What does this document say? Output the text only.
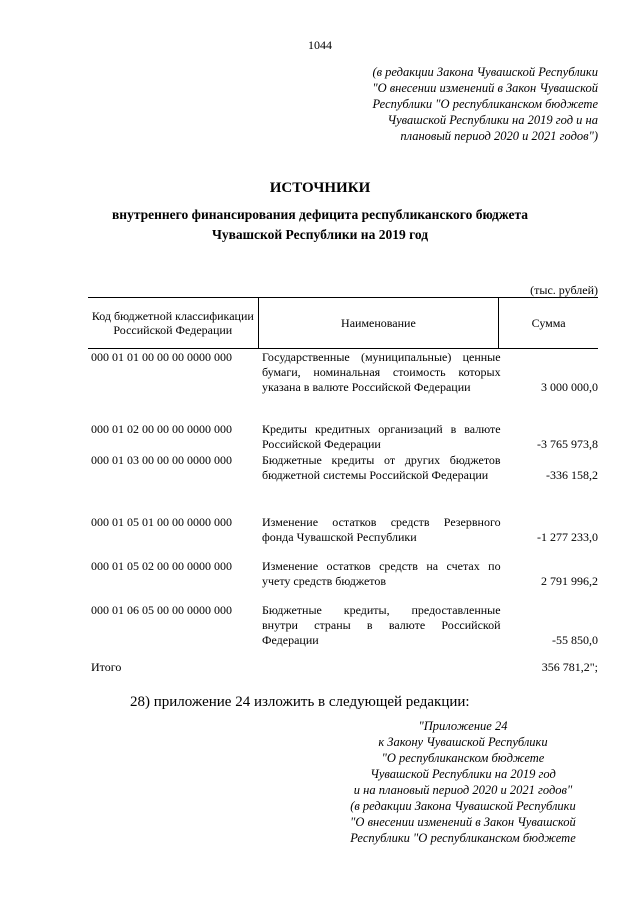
1044
(в редакции Закона Чувашской Республики
"О внесении изменений в Закон Чувашской
Республики "О республиканском бюджете
Чувашской Республики на 2019 год и на
плановый период 2020 и 2021 годов")
ИСТОЧНИКИ
внутреннего финансирования дефицита республиканского бюджета
Чувашской Республики на 2019 год
(тыс. рублей)
Код бюджетной классификации Российской Федерации	Наименование	Сумма
000 01 01 00 00 00 0000 000	Государственные (муниципальные) ценные бумаги, номинальная стоимость которых указана в валюте Российской Федерации	3 000 000,0
000 01 02 00 00 00 0000 000	Кредиты кредитных организаций в валюте Российской Федерации	-3 765 973,8
000 01 03 00 00 00 0000 000	Бюджетные кредиты от других бюджетов бюджетной системы Российской Федерации	-336 158,2
000 01 05 01 00 00 0000 000	Изменение остатков средств Резервного фонда Чувашской Республики	-1 277 233,0
000 01 05 02 00 00 0000 000	Изменение остатков средств на счетах по учету средств бюджетов	2 791 996,2
000 01 06 05 00 00 0000 000	Бюджетные кредиты, предоставленные внутри страны в валюте Российской Федерации	-55 850,0
Итого	356 781,2";
28) приложение 24 изложить в следующей редакции:
"Приложение 24
к Закону Чувашской Республики
"О республиканском бюджете
Чувашской Республики на 2019 год
и на плановый период 2020 и 2021 годов"
(в редакции Закона Чувашской Республики
"О внесении изменений в Закон Чувашской
Республики "О республиканском бюджете
